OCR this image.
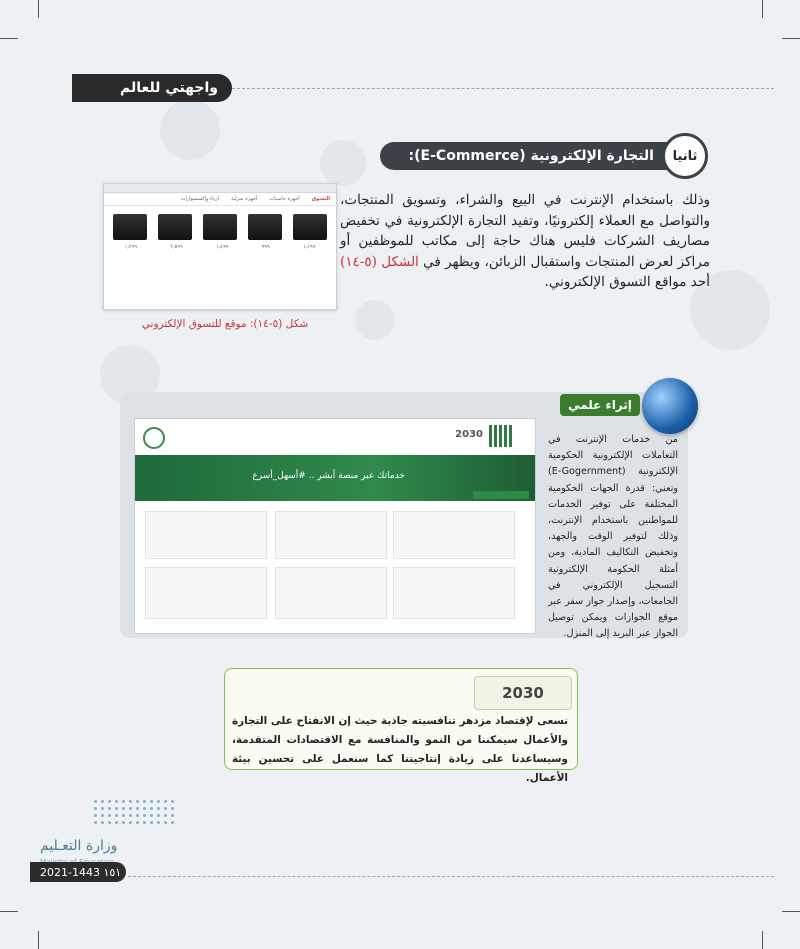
واجهتي للعالم
التجارة الإلكترونية (E-Commerce):	ثانيا
وذلك باستخدام الإنترنت في البيع والشراء، وتسويق المنتجات، والتواصل مع العملاء إلكترونيًا، وتفيد التجارة الإلكترونية في تخفيض مصاريف الشركات فليس هناك حاجة إلى مكاتب للموظفين أو مراكز لعرض المنتجات واستقبال الزبائن، ويظهر في الشكل (٥-١٤) أحد مواقع التسوق الإلكتروني.
التسوق
أجهزة حاسبات
أجهزة منزلية
أزياء وإكسسوارات
١٫٢٩٩	٢٫٥٩٩	١٫٤٩٩	٩٩٩	١٫١٩٩
شكل (٥-١٤): موقع للتسوق الإلكتروني
إثراء علمي
من خدمات الإنترنت في التعاملات الإلكترونية الحكومية الإلكترونية (E-Gogernment) وتعني: قدرة الجهات الحكومية المختلفة على توفير الخدمات للمواطنين باستخدام الإنترنت، وذلك لتوفير الوقت والجهد، وتخفيض التكاليف المادية، ومن أمثلة الحكومة الإلكترونية التسجيل الإلكتروني في الجامعات، وإصدار جواز سفر عبر موقع الجوازات ويمكن توصيل الجواز عبر البريد إلى المنزل.
2030
خدماتك عبر منصة أبشر .. #أسهل_أسرع
2030
نسعى لإقتصاد مزدهر تنافسيته جاذبة حيث إن الانفتاح على التجارة والأعمال سيمكننا من النمو والمنافسة مع الاقتصادات المتقدمة، وسيساعدنا على زيادة إنتاجيتنا كما سنعمل على تحسين بيئة الأعمال.
وزارة التعـليم
2021-1443 ١٥١
